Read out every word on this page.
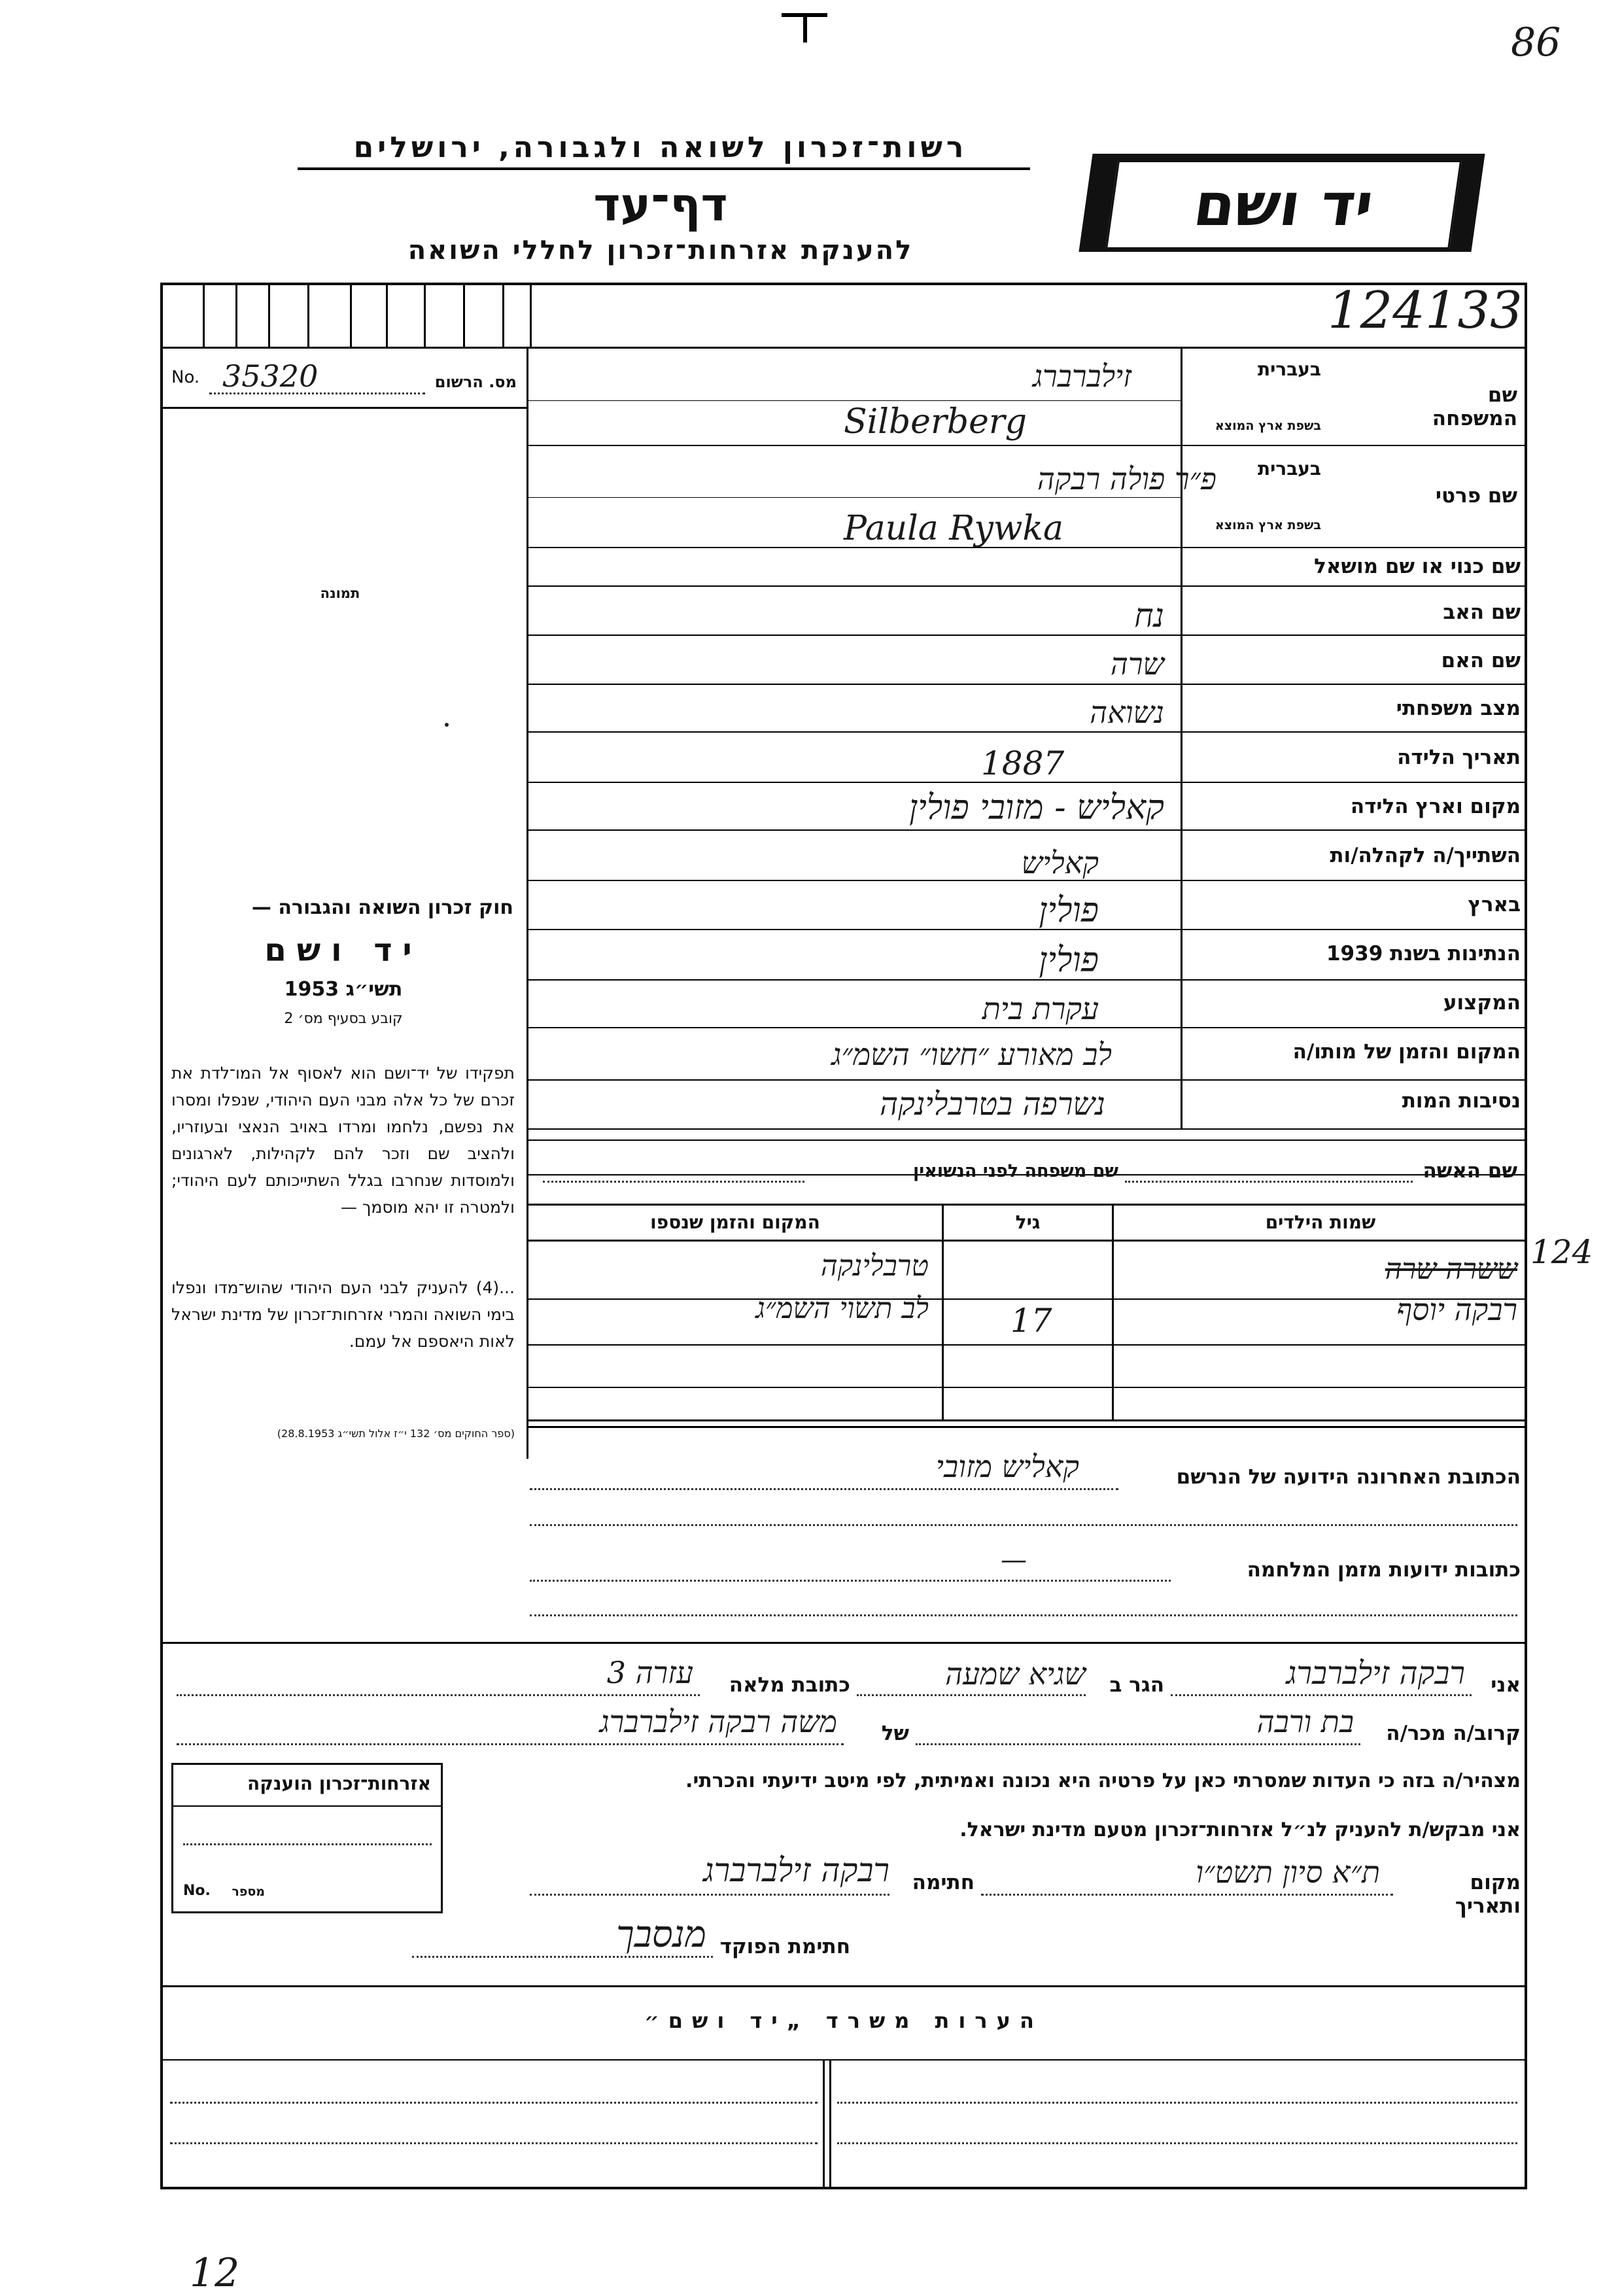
86
רשות־זכרון לשואה ולגבורה, ירושלים
דף־עד
להענקת אזרחות־זכרון לחללי השואה
יד ושם
124133
No. 35320	מס. הרשום
תמונה
חוק זכרון השואה והגבורה —
יד ושם
תשי״ג 1953
קובע בסעיף מס׳ 2
תפקידו של יד־ושם הוא לאסוף אל המו־לדת את זכרם של כל אלה מבני העם היהודי, שנפלו ומסרו את נפשם, נלחמו ומרדו באויב הנאצי ובעוזריו, ולהציב שם וזכר להם לקהילות, לארגונים ולמוסדות שנחרבו בגלל השתייכותם לעם היהודי; ולמטרה זו יהא מוסמך —
...(4) להעניק לבני העם היהודי שהוש־מדו ונפלו בימי השואה והמרי אזרחות־זכרון של מדינת ישראל לאות היאספם אל עמם.
(ספר החוקים מס׳ 132 י״ז אלול תשי״ג 28.8.1953)
שם המשפחה
בעברית
בשפת ארץ המוצא
זילברברג
Silberberg
שם פרטי
בעברית
בשפת ארץ המוצא
פ״ר פולה רבקה
Paula Rywka
שם כנוי או שם מושאל
שם האב
נח
שם האם
שרה
מצב משפחתי
נשואה
תאריך הלידה
1887
מקום וארץ הלידה
קאליש - מזובי פולין
השתייך/ה לקהלה/ות
קאליש
בארץ
פולין
הנתינות בשנת 1939
פולין
המקצוע
עקרת בית
המקום והזמן של מותו/ה
לב מאורע ״חשו״ השמ״ג
נסיבות המות
נשרפה בטרבלינקה
שם האשה
שם משפחה לפני הנשואין
שמות הילדים
גיל
המקום והזמן שנספו
ששרה שרה
טרבלינקה
רבקה יוסף
17
לב תשוי השמ״ג
124
הכתובת האחרונה הידועה של הנרשם
קאליש מזובי
כתובות ידועות מזמן המלחמה
—
אני
רבקה זילברברג
הגר ב
שגיא שמעה
כתובת מלאה
עזרה 3
קרוב/ה מכר/ה
בת ורבה
של
משה רבקה זילברברג
מצהיר/ה בזה כי העדות שמסרתי כאן על פרטיה היא נכונה ואמיתית, לפי מיטב ידיעתי והכרתי.
אני מבקש/ת להעניק לנ״ל אזרחות־זכרון מטעם מדינת ישראל.
מקום ותאריך
ת״א סיון תשט״ו
חתימה
רבקה זילברברג
חתימת הפוקד
מנסבך
אזרחות־זכרון הוענקה
No.	מספר
הערות משרד „יד ושם״
12
